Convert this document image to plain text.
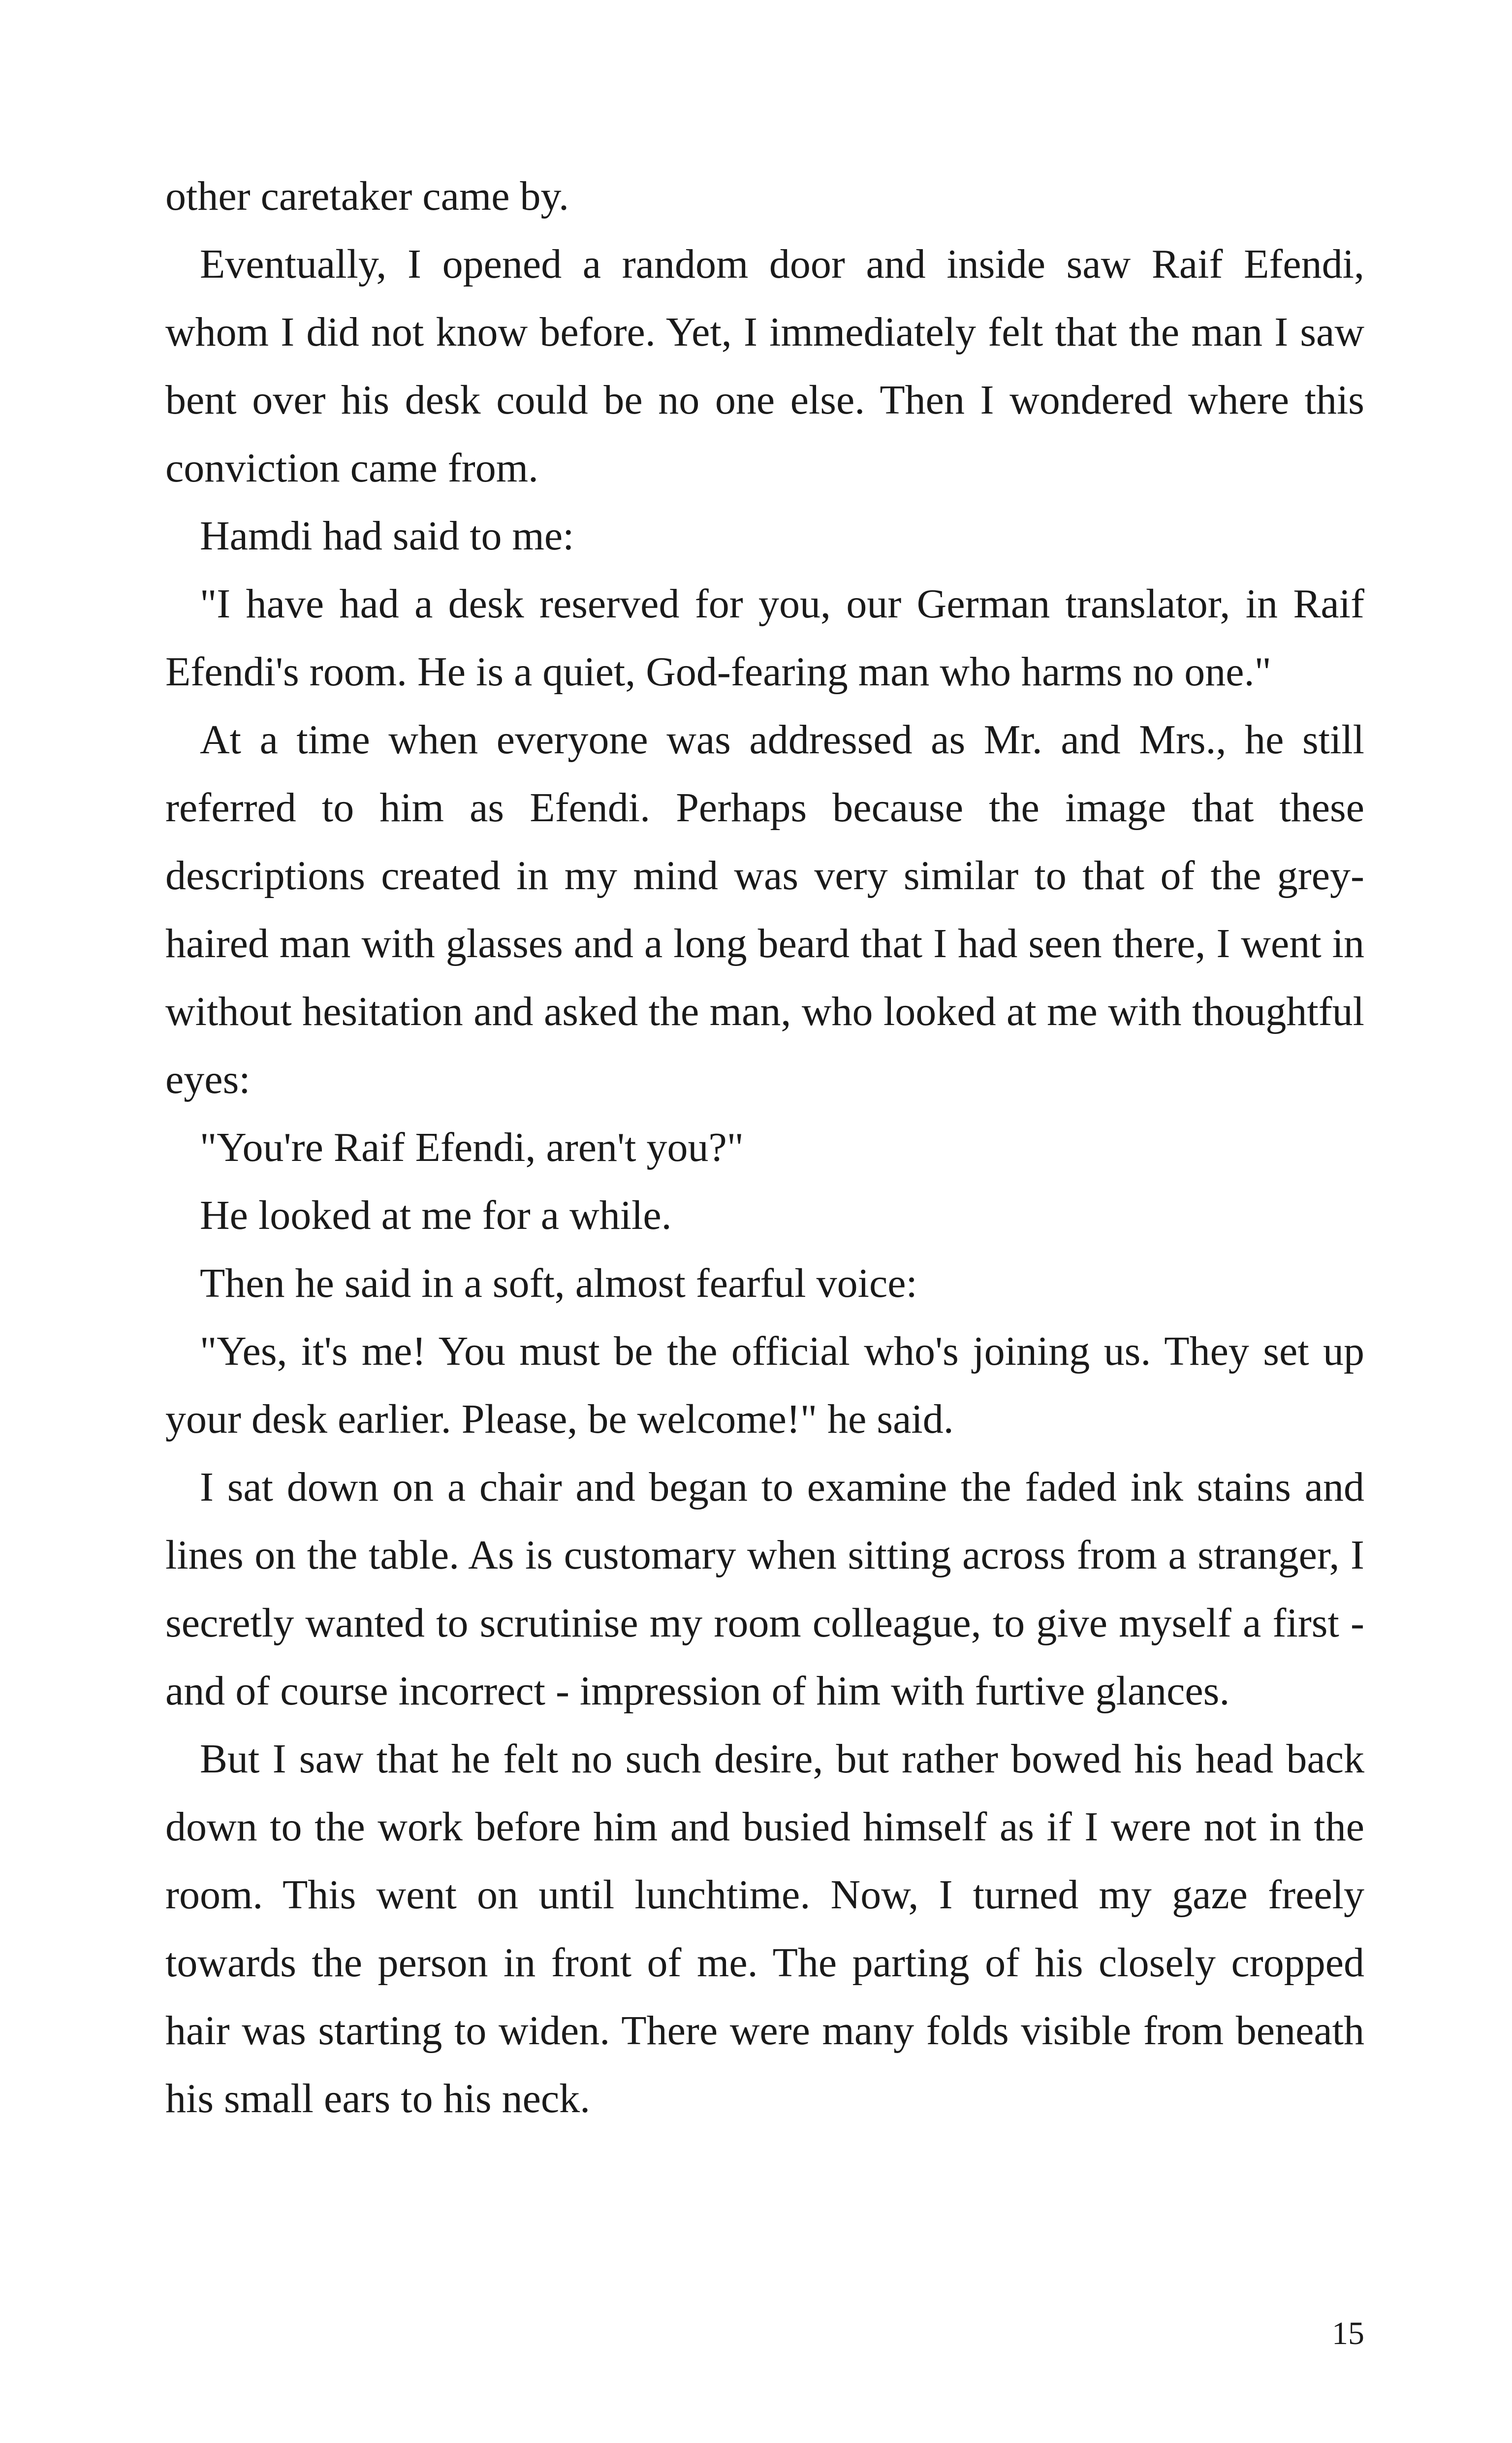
other caretaker came by.

Eventually, I opened a random door and inside saw Raif Efendi, whom I did not know before. Yet, I immediately felt that the man I saw bent over his desk could be no one else. Then I wondered where this conviction came from.

Hamdi had said to me:

"I have had a desk reserved for you, our German translator, in Raif Efendi's room. He is a quiet, God-fearing man who harms no one."

At a time when everyone was addressed as Mr. and Mrs., he still referred to him as Efendi. Perhaps because the image that these descriptions created in my mind was very similar to that of the grey-haired man with glasses and a long beard that I had seen there, I went in without hesitation and asked the man, who looked at me with thoughtful eyes:

"You're Raif Efendi, aren't you?"

He looked at me for a while.

Then he said in a soft, almost fearful voice:

"Yes, it's me! You must be the official who's joining us. They set up your desk earlier. Please, be welcome!" he said.

I sat down on a chair and began to examine the faded ink stains and lines on the table. As is customary when sitting across from a stranger, I secretly wanted to scrutinise my room colleague, to give myself a first - and of course incorrect - impression of him with furtive glances.

But I saw that he felt no such desire, but rather bowed his head back down to the work before him and busied himself as if I were not in the room. This went on until lunchtime. Now, I turned my gaze freely towards the person in front of me. The parting of his closely cropped hair was starting to widen. There were many folds visible from beneath his small ears to his neck.

15
